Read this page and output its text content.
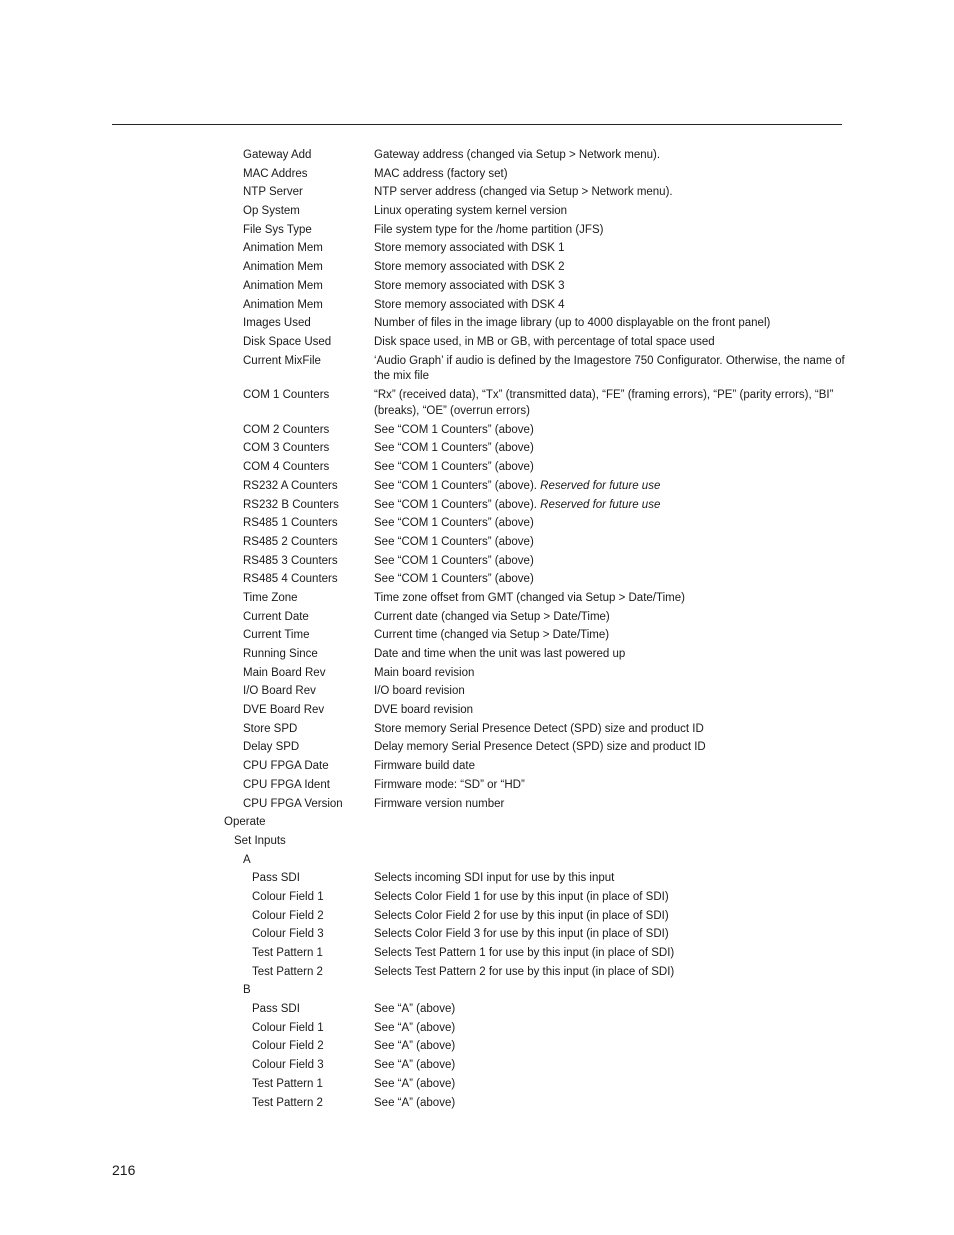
Gateway Add	Gateway address (changed via Setup > Network menu).
MAC Addres	MAC address (factory set)
NTP Server	NTP server address (changed via Setup > Network menu).
Op System	Linux operating system kernel version
File Sys Type	File system type for the /home partition (JFS)
Animation Mem	Store memory associated with DSK 1
Animation Mem	Store memory associated with DSK 2
Animation Mem	Store memory associated with DSK 3
Animation Mem	Store memory associated with DSK 4
Images Used	Number of files in the image library (up to 4000 displayable on the front panel)
Disk Space Used	Disk space used, in MB or GB, with percentage of total space used
Current MixFile	‘Audio Graph’ if audio is defined by the Imagestore 750 Configurator. Otherwise, the name of the mix file
COM 1 Counters	“Rx” (received data), “Tx” (transmitted data), “FE” (framing errors), “PE” (parity errors), “BI” (breaks), “OE” (overrun errors)
COM 2 Counters	See “COM 1 Counters” (above)
COM 3 Counters	See “COM 1 Counters” (above)
COM 4 Counters	See “COM 1 Counters” (above)
RS232 A Counters	See “COM 1 Counters” (above). Reserved for future use
RS232 B Counters	See “COM 1 Counters” (above). Reserved for future use
RS485 1 Counters	See “COM 1 Counters” (above)
RS485 2 Counters	See “COM 1 Counters” (above)
RS485 3 Counters	See “COM 1 Counters” (above)
RS485 4 Counters	See “COM 1 Counters” (above)
Time Zone	Time zone offset from GMT (changed via Setup > Date/Time)
Current Date	Current date (changed via Setup > Date/Time)
Current Time	Current time (changed via Setup > Date/Time)
Running Since	Date and time when the unit was last powered up
Main Board Rev	Main board revision
I/O Board Rev	I/O board revision
DVE Board Rev	DVE board revision
Store SPD	Store memory Serial Presence Detect (SPD) size and product ID
Delay SPD	Delay memory Serial Presence Detect (SPD) size and product ID
CPU FPGA Date	Firmware build date
CPU FPGA Ident	Firmware mode: “SD” or “HD”
CPU FPGA Version	Firmware version number
Operate
Set Inputs
A
Pass SDI	Selects incoming SDI input for use by this input
Colour Field 1	Selects Color Field 1 for use by this input (in place of SDI)
Colour Field 2	Selects Color Field 2 for use by this input (in place of SDI)
Colour Field 3	Selects Color Field 3 for use by this input (in place of SDI)
Test Pattern 1	Selects Test Pattern 1 for use by this input (in place of SDI)
Test Pattern 2	Selects Test Pattern 2 for use by this input (in place of SDI)
B
Pass SDI	See “A” (above)
Colour Field 1	See “A” (above)
Colour Field 2	See “A” (above)
Colour Field 3	See “A” (above)
Test Pattern 1	See “A” (above)
Test Pattern 2	See “A” (above)
216
